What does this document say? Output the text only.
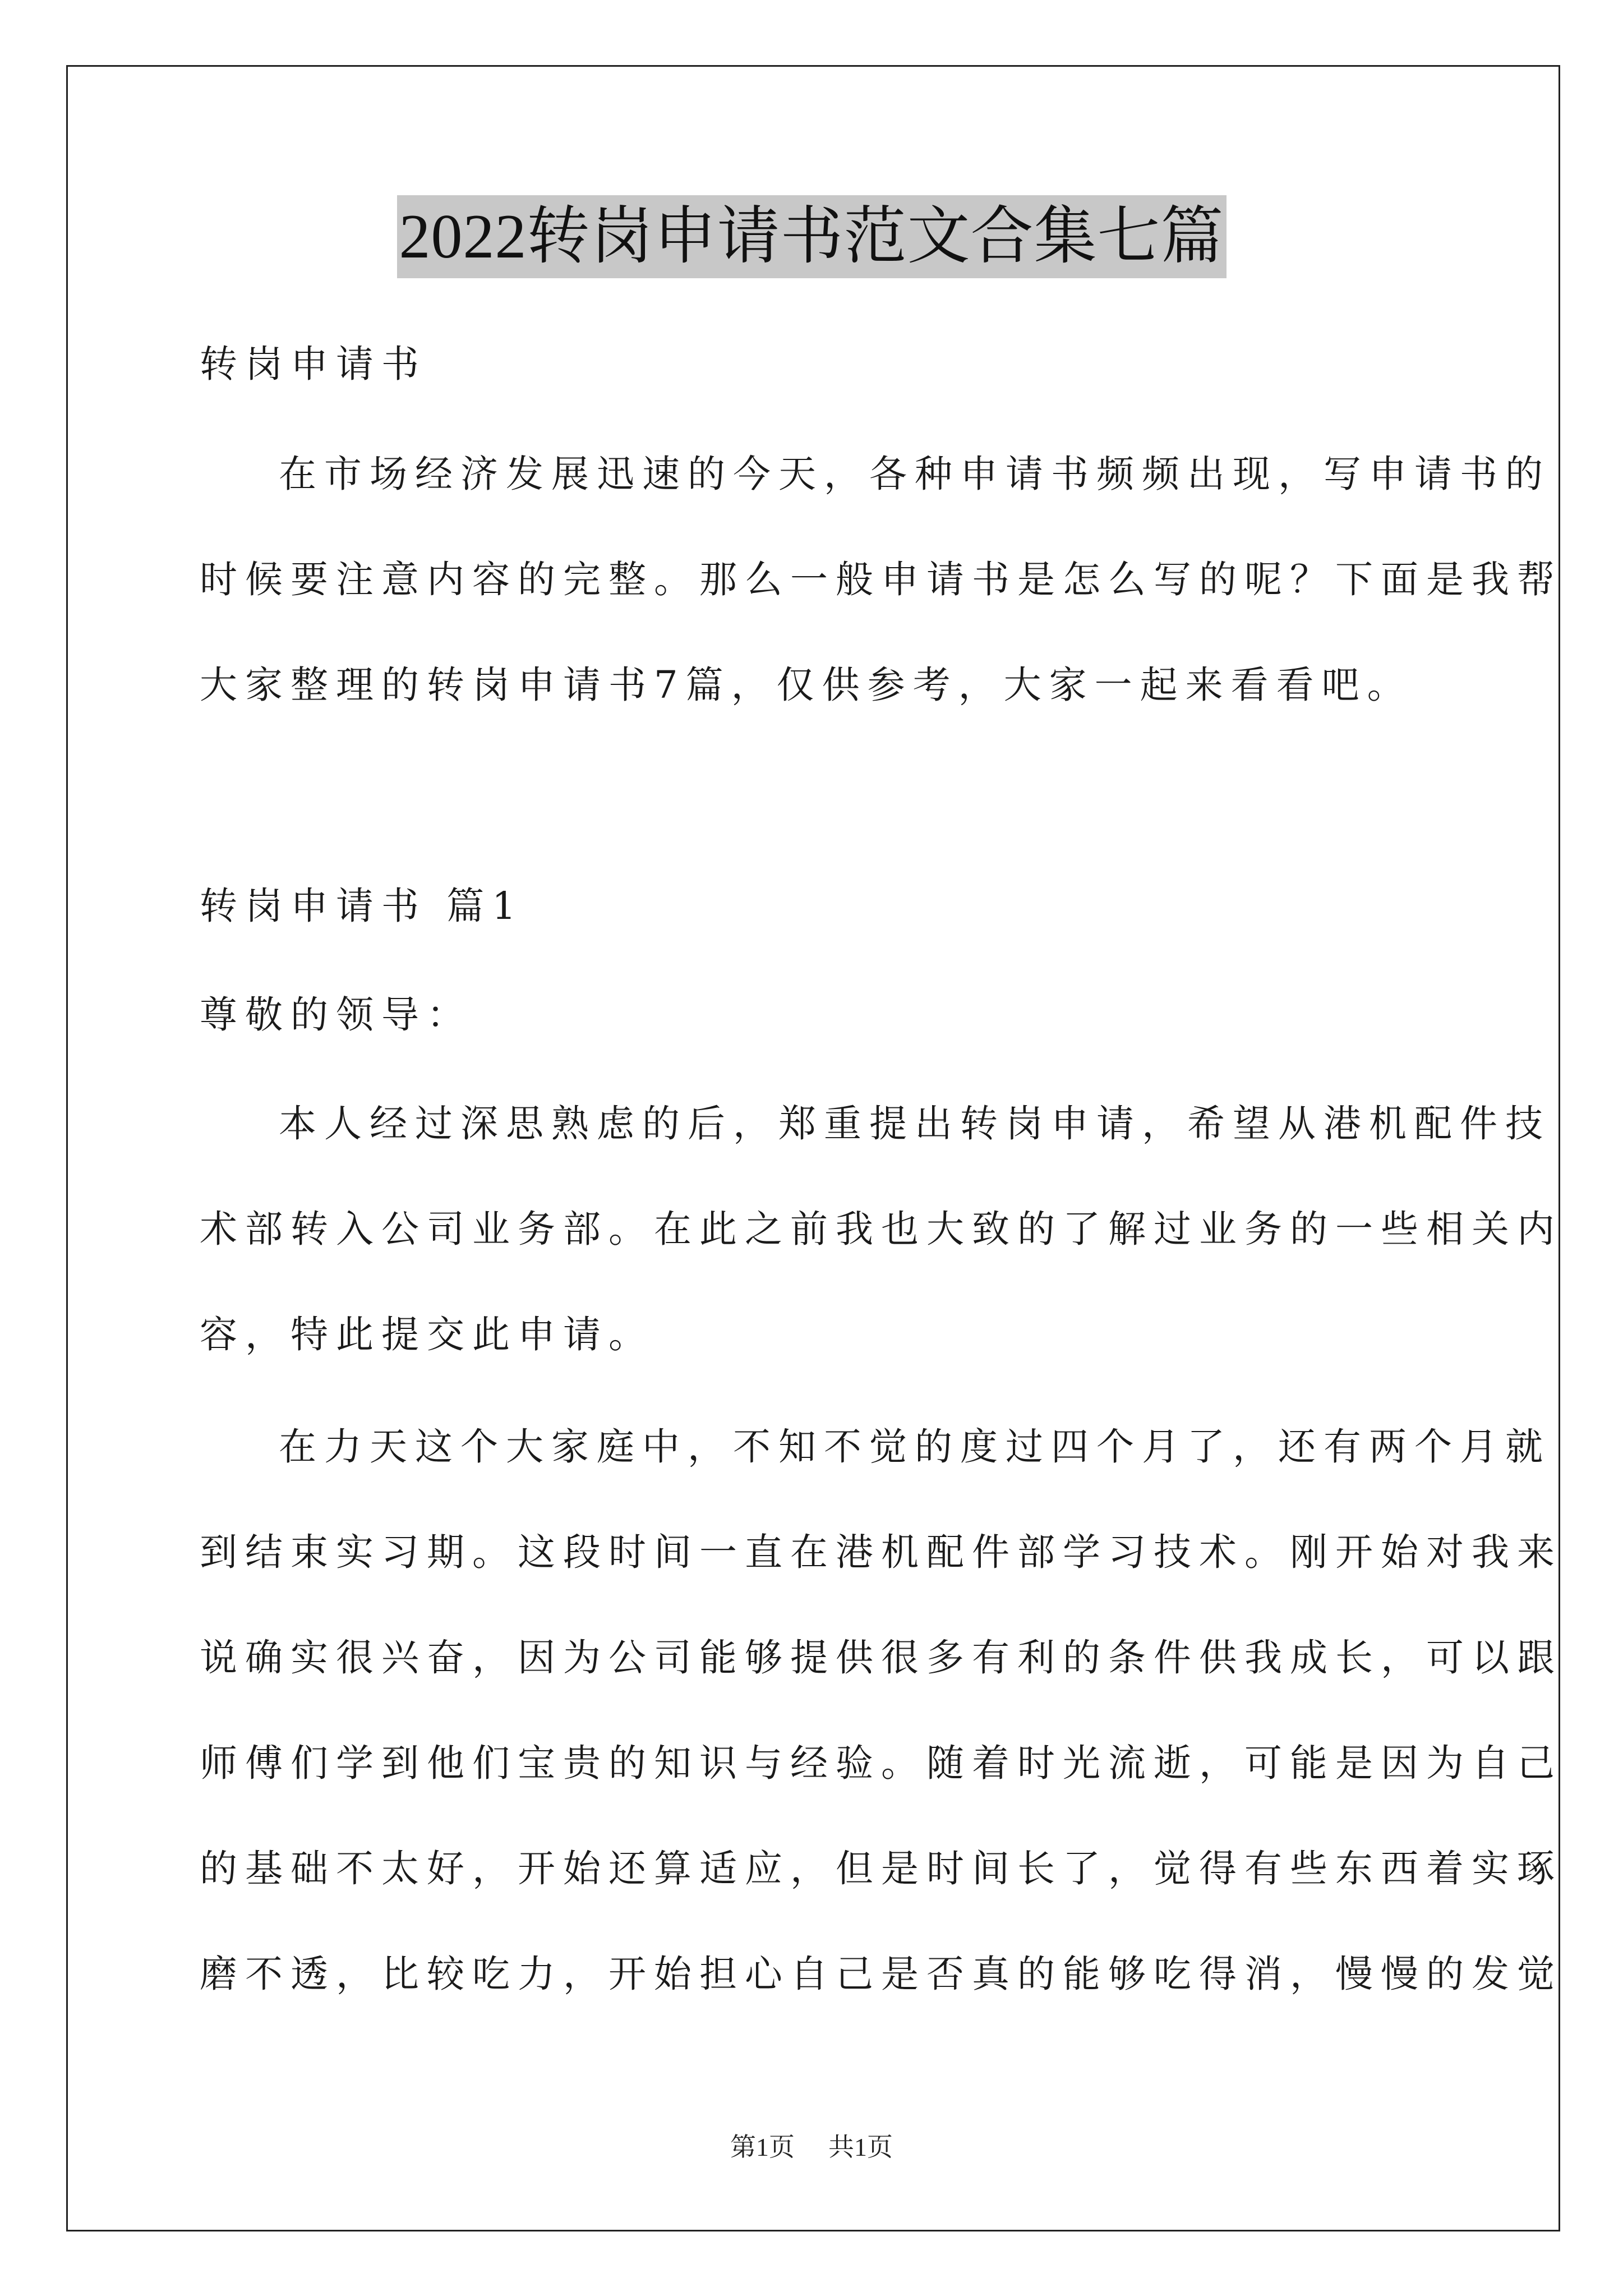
2022转岗申请书范文合集七篇
转岗申请书
在市场经济发展迅速的今天，各种申请书频频出现，写申请书的
时候要注意内容的完整。那么一般申请书是怎么写的呢？下面是我帮
大家整理的转岗申请书7篇，仅供参考，大家一起来看看吧。
转岗申请书 篇1
尊敬的领导：
本人经过深思熟虑的后，郑重提出转岗申请，希望从港机配件技
术部转入公司业务部。在此之前我也大致的了解过业务的一些相关内
容，特此提交此申请。
在力天这个大家庭中，不知不觉的度过四个月了，还有两个月就
到结束实习期。这段时间一直在港机配件部学习技术。刚开始对我来
说确实很兴奋，因为公司能够提供很多有利的条件供我成长，可以跟
师傅们学到他们宝贵的知识与经验。随着时光流逝，可能是因为自己
的基础不太好，开始还算适应，但是时间长了，觉得有些东西着实琢
磨不透，比较吃力，开始担心自己是否真的能够吃得消，慢慢的发觉
第1页 共1页
